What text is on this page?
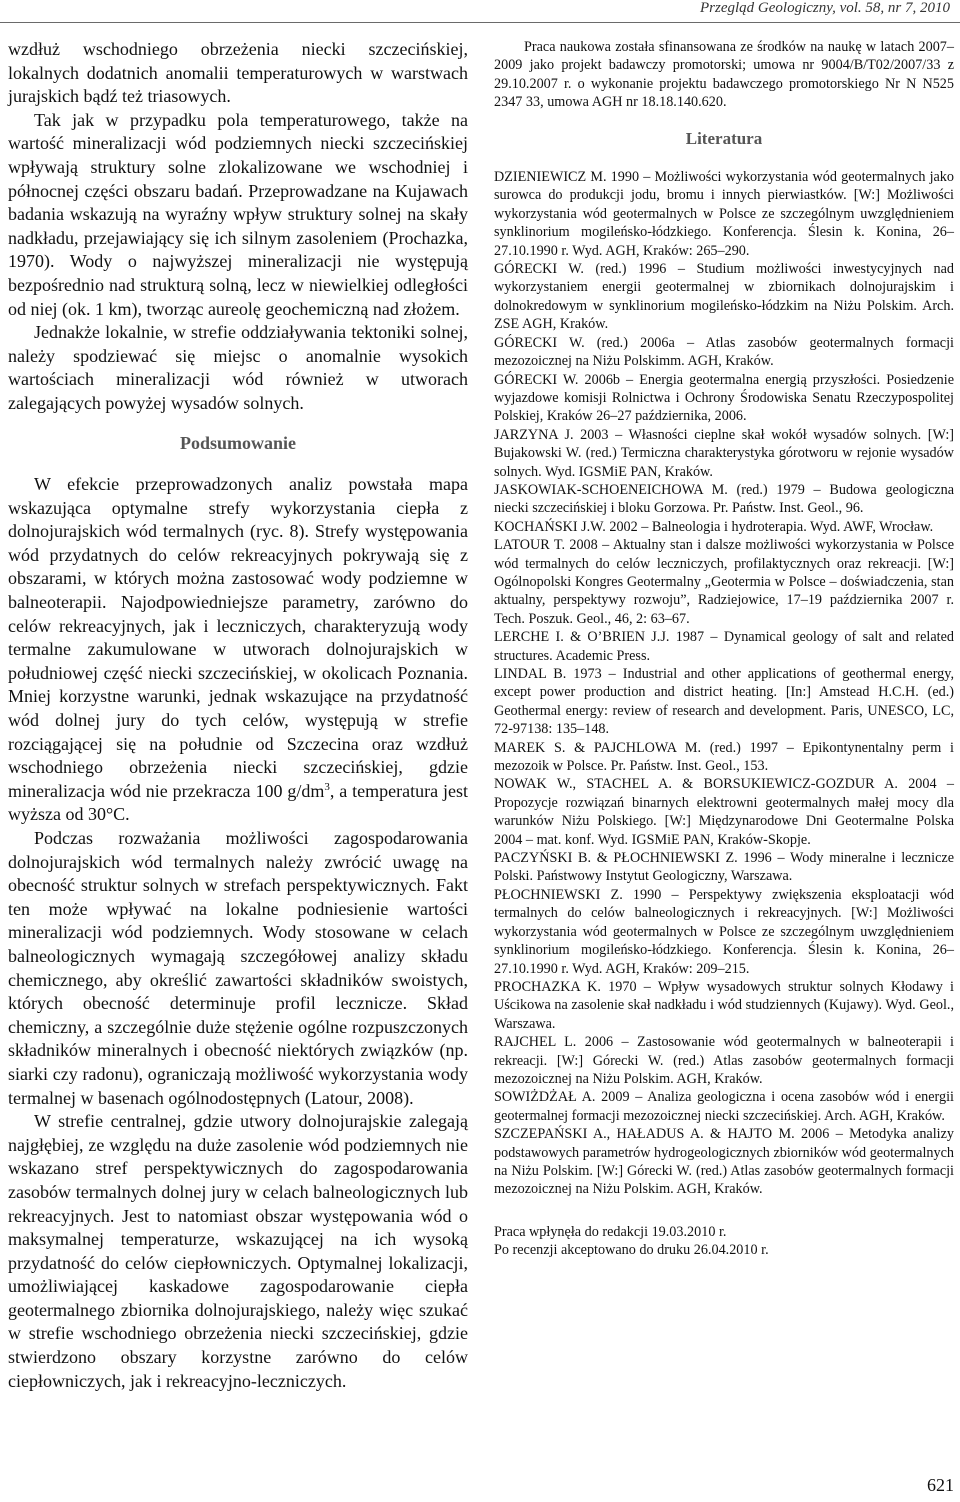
Przegląd Geologiczny, vol. 58, nr 7, 2010

wzdłuż wschodniego obrzeżenia niecki szczecińskiej, lokalnych dodatnich anomalii temperaturowych w warstwach jurajskich bądź też triasowych.

Tak jak w przypadku pola temperaturowego, także na wartość mineralizacji wód podziemnych niecki szczecińskiej wpływają struktury solne zlokalizowane we wschodniej i północnej części obszaru badań. Przeprowadzane na Kujawach badania wskazują na wyraźny wpływ struktury solnej na skały nadkładu, przejawiający się ich silnym zasoleniem (Prochazka, 1970). Wody o najwyższej mineralizacji nie występują bezpośrednio nad strukturą solną, lecz w niewielkiej odległości od niej (ok. 1 km), tworząc aureolę geochemiczną nad złożem.

Jednakże lokalnie, w strefie oddziaływania tektoniki solnej, należy spodziewać się miejsc o anomalnie wysokich wartościach mineralizacji wód również w utworach zalegających powyżej wysadów solnych.

Podsumowanie

W efekcie przeprowadzonych analiz powstała mapa wskazująca optymalne strefy wykorzystania ciepła z dolnojurajskich wód termalnych (ryc. 8). Strefy występowania wód przydatnych do celów rekreacyjnych pokrywają się z obszarami, w których można zastosować wody podziemne w balneoterapii. Najodpowiedniejsze parametry, zarówno do celów rekreacyjnych, jak i leczniczych, charakteryzują wody termalne zakumulowane w utworach dolnojurajskich w południowej część niecki szczecińskiej, w okolicach Poznania. Mniej korzystne warunki, jednak wskazujące na przydatność wód dolnej jury do tych celów, występują w strefie rozciągającej się na południe od Szczecina oraz wzdłuż wschodniego obrzeżenia niecki szczecińskiej, gdzie mineralizacja wód nie przekracza 100 $g/dm^3$, a temperatura jest wyższa od 30°C.

Podczas rozważania możliwości zagospodarowania dolnojurajskich wód termalnych należy zwrócić uwagę na obecność struktur solnych w strefach perspektywicznych. Fakt ten może wpływać na lokalne podniesienie wartości mineralizacji wód podziemnych. Wody stosowane w celach balneologicznych wymagają szczegółowej analizy składu chemicznego, aby określić zawartości składników swoistych, których obecność determinuje profil lecznicze. Skład chemiczny, a szczególnie duże stężenie ogólne rozpuszczonych składników mineralnych i obecność niektórych związków (np. siarki czy radonu), ograniczają możliwość wykorzystania wody termalnej w basenach ogólnodostępnych (Latour, 2008).

W strefie centralnej, gdzie utwory dolnojurajskie zalegają najgłębiej, ze względu na duże zasolenie wód podziemnych nie wskazano stref perspektywicznych do zagospodarowania zasobów termalnych dolnej jury w celach balneologicznych lub rekreacyjnych. Jest to natomiast obszar występowania wód o maksymalnej temperaturze, wskazującej na ich wysoką przydatność do celów ciepłowniczych. Optymalnej lokalizacji, umożliwiającej kaskadowe zagospodarowanie ciepła geotermalnego zbiornika dolnojurajskiego, należy więc szukać w strefie wschodniego obrzeżenia niecki szczecińskiej, gdzie stwierdzono obszary korzystne zarówno do celów ciepłowniczych, jak i rekreacyjno-leczniczych.

Praca naukowa została sfinansowana ze środków na naukę w latach 2007–2009 jako projekt badawczy promotorski; umowa nr 9004/B/T02/2007/33 z 29.10.2007 r. o wykonanie projektu badawczego promotorskiego Nr N N525 2347 33, umowa AGH nr 18.18.140.620.

Literatura

DZIENIEWICZ M. 1990 – Możliwości wykorzystania wód geotermalnych jako surowca do produkcji jodu, bromu i innych pierwiastków. [W:] Możliwości wykorzystania wód geotermalnych w Polsce ze szczególnym uwzględnieniem synklinorium mogileńsko-łódzkiego. Konferencja. Ślesin k. Konina, 26–27.10.1990 r. Wyd. AGH, Kraków: 265–290.

GÓRECKI W. (red.) 1996 – Studium możliwości inwestycyjnych nad wykorzystaniem energii geotermalnej w zbiornikach dolnojurajskim i dolnokredowym w synklinorium mogileńsko-łódzkim na Niżu Polskim. Arch. ZSE AGH, Kraków.

GÓRECKI W. (red.) 2006a – Atlas zasobów geotermalnych formacji mezozoicznej na Niżu Polskimm. AGH, Kraków.

GÓRECKI W. 2006b – Energia geotermalna energią przyszłości. Posiedzenie wyjazdowe komisji Rolnictwa i Ochrony Środowiska Senatu Rzeczypospolitej Polskiej, Kraków 26–27 października, 2006.

JARZYNA J. 2003 – Własności cieplne skał wokół wysadów solnych. [W:] Bujakowski W. (red.) Termiczna charakterystyka górotworu w rejonie wysadów solnych. Wyd. IGSMiE PAN, Kraków.

JASKOWIAK-SCHOENEICHOWA M. (red.) 1979 – Budowa geologiczna niecki szczecińskiej i bloku Gorzowa. Pr. Państw. Inst. Geol., 96.

KOCHAŃSKI J.W. 2002 – Balneologia i hydroterapia. Wyd. AWF, Wrocław.

LATOUR T. 2008 – Aktualny stan i dalsze możliwości wykorzystania w Polsce wód termalnych do celów leczniczych, profilaktycznych oraz rekreacji. [W:] Ogólnopolski Kongres Geotermalny „Geotermia w Polsce – doświadczenia, stan aktualny, perspektywy rozwoju”, Radziejowice, 17–19 października 2007 r. Tech. Poszuk. Geol., 46, 2: 63–67.

LERCHE I. & O’BRIEN J.J. 1987 – Dynamical geology of salt and related structures. Academic Press.

LINDAL B. 1973 – Industrial and other applications of geothermal energy, except power production and district heating. [In:] Amstead H.C.H. (ed.) Geothermal energy: review of research and development. Paris, UNESCO, LC, 72-97138: 135–148.

MAREK S. & PAJCHLOWA M. (red.) 1997 – Epikontynentalny perm i mezozoik w Polsce. Pr. Państw. Inst. Geol., 153.

NOWAK W., STACHEL A. & BORSUKIEWICZ-GOZDUR A. 2004 – Propozycje rozwiązań binarnych elektrowni geotermalnych małej mocy dla warunków Niżu Polskiego. [W:] Międzynarodowe Dni Geotermalne Polska 2004 – mat. konf. Wyd. IGSMiE PAN, Kraków-Skopje.

PACZYŃSKI B. & PŁOCHNIEWSKI Z. 1996 – Wody mineralne i lecznicze Polski. Państwowy Instytut Geologiczny, Warszawa.

PŁOCHNIEWSKI Z. 1990 – Perspektywy zwiększenia eksploatacji wód termalnych do celów balneologicznych i rekreacyjnych. [W:] Możliwości wykorzystania wód geotermalnych w Polsce ze szczególnym uwzględnieniem synklinorium mogileńsko-łódzkiego. Konferencja. Ślesin k. Konina, 26–27.10.1990 r. Wyd. AGH, Kraków: 209–215.

PROCHAZKA K. 1970 – Wpływ wysadowych struktur solnych Kłodawy i Uścikowa na zasolenie skał nadkładu i wód studziennych (Kujawy). Wyd. Geol., Warszawa.

RAJCHEL L. 2006 – Zastosowanie wód geotermalnych w balneoterapii i rekreacji. [W:] Górecki W. (red.) Atlas zasobów geotermalnych formacji mezozoicznej na Niżu Polskim. AGH, Kraków.

SOWIŻDŻAŁ A. 2009 – Analiza geologiczna i ocena zasobów wód i energii geotermalnej formacji mezozoicznej niecki szczecińskiej. Arch. AGH, Kraków.

SZCZEPAŃSKI A., HAŁADUS A. & HAJTO M. 2006 – Metodyka analizy podstawowych parametrów hydrogeologicznych zbiorników wód geotermalnych na Niżu Polskim. [W:] Górecki W. (red.) Atlas zasobów geotermalnych formacji mezozoicznej na Niżu Polskim. AGH, Kraków.

Praca wpłynęła do redakcji 19.03.2010 r.

Po recenzji akceptowano do druku 26.04.2010 r.

621
